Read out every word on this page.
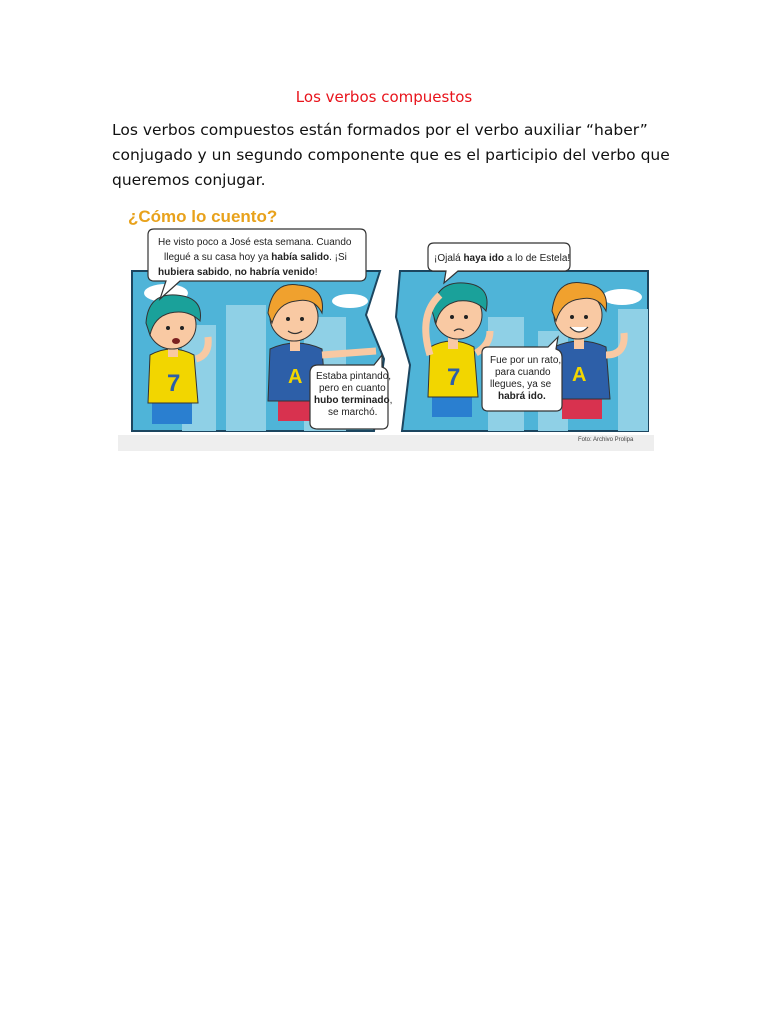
Los verbos compuestos
Los verbos compuestos están formados por el verbo auxiliar “haber”
conjugado y un segundo componente que es el participio del verbo que
queremos conjugar.
¿Cómo lo cuento?
7	A
He visto poco a José esta semana. Cuando
llegué a su casa hoy ya había salido. ¡Si
hubiera sabido, no habría venido!
Estaba pintando,
pero en cuanto
hubo terminado,
se marchó.
7	A
¡Ojalá haya ido a lo de Estela!
Fue por un rato,
para cuando
llegues, ya se
habrá ido.
Foto: Archivo Prolipa
